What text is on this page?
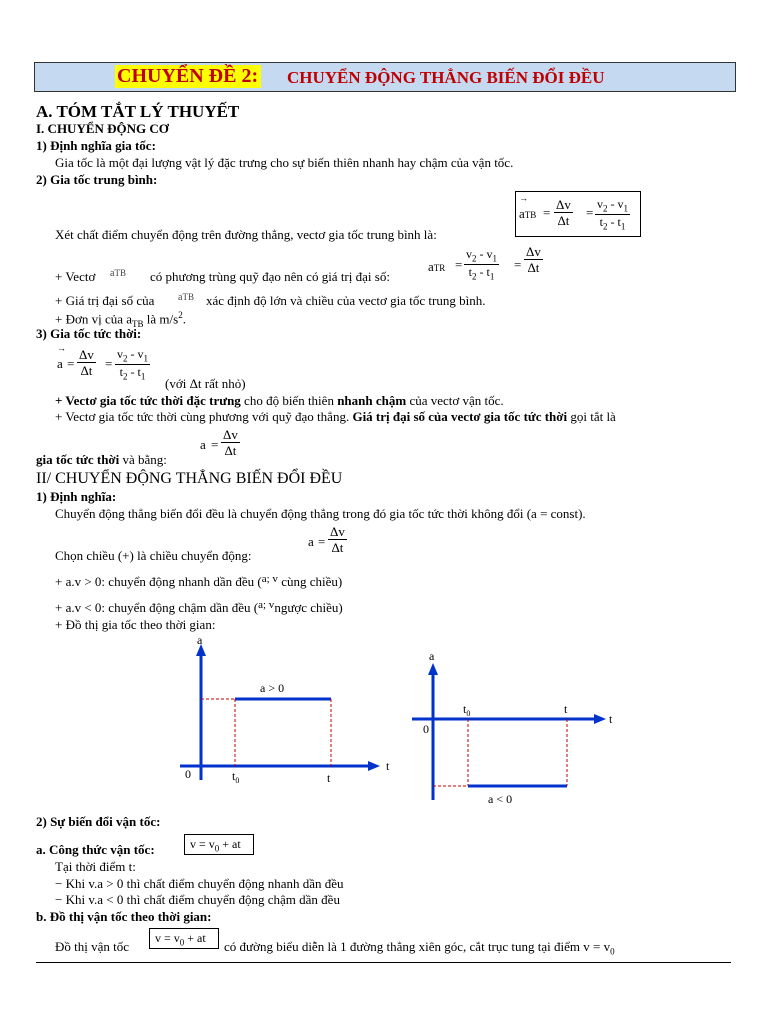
CHUYỂN ĐỀ 2: CHUYỂN ĐỘNG THẲNG BIẾN ĐỔI ĐỀU
A. TÓM TẮT LÝ THUYẾT
I. CHUYỂN ĐỘNG CƠ
1) Định nghĩa gia tốc:
Gia tốc là một đại lượng vật lý đặc trưng cho sự biến thiên nhanh hay chậm của vận tốc.
2) Gia tốc trung bình:
→
aTB = $\frac{\Delta v}{\Delta t} = \frac{v_2 - v_1}{t_2 - t_1}$
Xét chất điểm chuyển động trên đường thẳng, vectơ gia tốc trung bình là:
+ Vectơ aTB có phương trùng quỹ đạo nên có giá trị đại số:
aTR = $\frac{v_2 - v_1}{t_2 - t_1} = \frac{\Delta v}{\Delta t}$
+ Giá trị đại số của aTB xác định độ lớn và chiều của vectơ gia tốc trung bình.
+ Đơn vị của $a_{TB}$ là $m/s^2$.
3) Gia tốc tức thời:
→
$a = \frac{\Delta v}{\Delta t} = \frac{v_2 - v_1}{t_2 - t_1}$
(với Δt rất nhỏ)
+ Vectơ gia tốc tức thời đặc trưng cho độ biến thiên nhanh chậm của vectơ vận tốc.
+ Vectơ gia tốc tức thời cùng phương với quỹ đạo thẳng. Giá trị đại số của vectơ gia tốc tức thời gọi tắt là
$a = \frac{\Delta v}{\Delta t}$
gia tốc tức thời và bằng:
II/ CHUYỂN ĐỘNG THẲNG BIẾN ĐỔI ĐỀU
1) Định nghĩa:
Chuyển động thẳng biến đổi đều là chuyển động thẳng trong đó gia tốc tức thời không đổi (a = const).
$a = \frac{\Delta v}{\Delta t}$
Chọn chiều (+) là chiều chuyển động:
+ a.v > 0: chuyển động nhanh dần đều ($^{a; v}$ cùng chiều)
+ a.v < 0: chuyển động chậm dần đều ($^{a; v}$ngược chiều)
+ Đồ thị gia tốc theo thời gian:
a
t
0	$t_0$	t
a > 0
a
t
0
$t_0$	t
a < 0
2) Sự biến đổi vận tốc:
a. Công thức vận tốc:	$v = v_0$ + at
Tại thời điểm t:
− Khi v.a > 0 thì chất điểm chuyển động nhanh dần đều
− Khi v.a < 0 thì chất điểm chuyển động chậm dần đều
b. Đồ thị vận tốc theo thời gian:
Đồ thị vận tốc
$v = v_0$ + at
có đường biểu diễn là 1 đường thẳng xiên góc, cắt trục tung tại điểm $v = v_0$
